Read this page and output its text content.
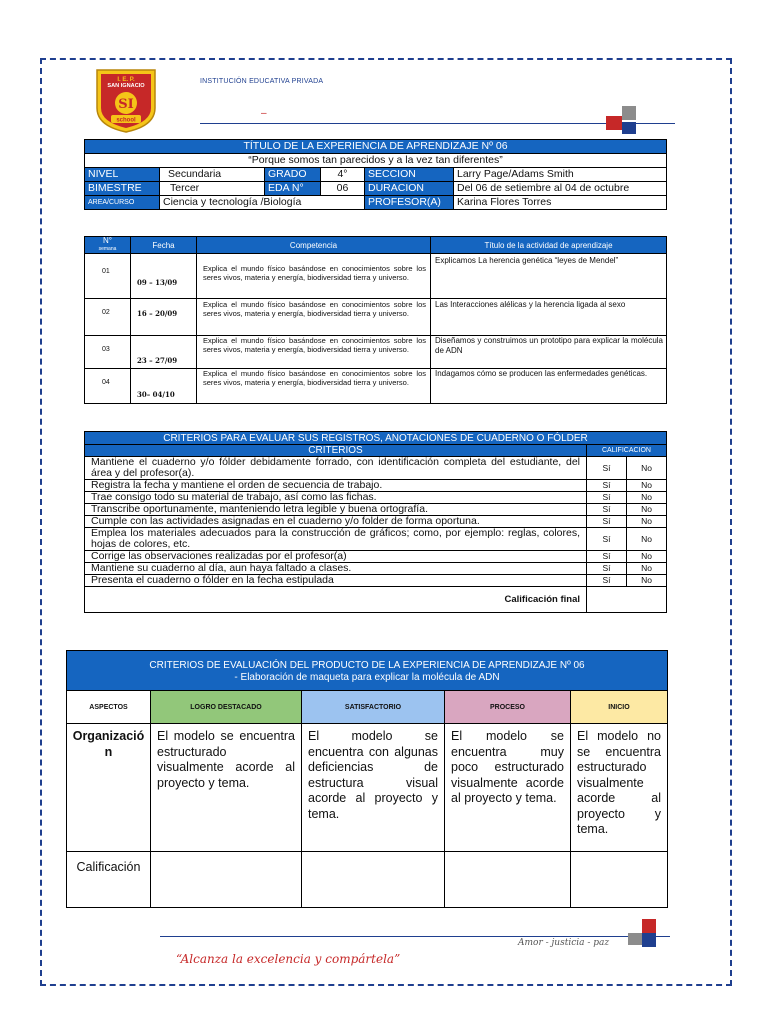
I. E. P.
SAN IGNACIO
SI
school
INSTITUCIÓN EDUCATIVA PRIVADA
–
TÍTULO DE LA EXPERIENCIA DE APRENDIZAJE Nº 06					
“Porque somos tan parecidos y a la vez tan diferentes”					
NIVEL	Secundaria	GRADO	4°	SECCION	Larry Page/Adams Smith
BIMESTRE	Tercer	EDA N°	06	DURACION	Del 06 de setiembre al 04 de octubre
AREA/CURSO	Ciencia y tecnología /Biología			PROFESOR(A)	Karina Flores Torres
N°
semana	Fecha	Competencia	Título de la actividad de aprendizaje
01	09 – 13/09	Explica el mundo físico basándose en conocimientos sobre los seres vivos, materia y energía, biodiversidad tierra y universo.	Explicamos La herencia genética “leyes de Mendel”
02	16 – 20/09	Explica el mundo físico basándose en conocimientos sobre los seres vivos, materia y energía, biodiversidad tierra y universo.	Las Interacciones alélicas y la herencia ligada al sexo
03	23 – 27/09	Explica el mundo físico basándose en conocimientos sobre los seres vivos, materia y energía, biodiversidad tierra y universo.	Diseñamos y construimos un prototipo para explicar la molécula de ADN
04	30– 04/10	Explica el mundo físico basándose en conocimientos sobre los seres vivos, materia y energía, biodiversidad tierra y universo.	Indagamos cómo se producen las enfermedades genéticas.
CRITERIOS PARA EVALUAR SUS REGISTROS, ANOTACIONES DE CUADERNO O FÓLDER		
CRITERIOS	CALIFICACION	
Mantiene el cuaderno y/o fólder debidamente forrado, con identificación completa del estudiante, del área y del profesor(a).	Sí	No
Registra la fecha y mantiene el orden de secuencia de trabajo.	Sí	No
Trae consigo todo su material de trabajo, así como las fichas.	Sí	No
Transcribe oportunamente, manteniendo letra legible y buena ortografía.	Sí	No
Cumple con las actividades asignadas en el cuaderno y/o folder de forma oportuna.	Sí	No
Emplea los materiales adecuados para la construcción de gráficos; como, por ejemplo: reglas, colores, hojas de colores, etc.	Sí	No
Corrige las observaciones realizadas por el profesor(a)	Sí	No
Mantiene su cuaderno al día, aun haya faltado a clases.	Sí	No
Presenta el cuaderno o fólder en la fecha estipulada	Sí	No
Calificación final		
CRITERIOS DE EVALUACIÓN DEL PRODUCTO DE LA EXPERIENCIA DE APRENDIZAJE Nº 06
- Elaboración de maqueta para explicar la molécula de ADN
ASPECTOS	LOGRO DESTACADO	SATISFACTORIO	PROCESO	INICIO
Organización	El modelo se encuentra estructurado visualmente acorde al proyecto y tema.	El modelo se encuentra con algunas deficiencias de estructura visual acorde al proyecto y tema.	El modelo se encuentra muy poco estructurado visualmente acorde al proyecto y tema.	El modelo no se encuentra estructurado visualmente acorde al proyecto y tema.
Calificación				
Amor - justicia - paz
“Alcanza la excelencia y compártela”
